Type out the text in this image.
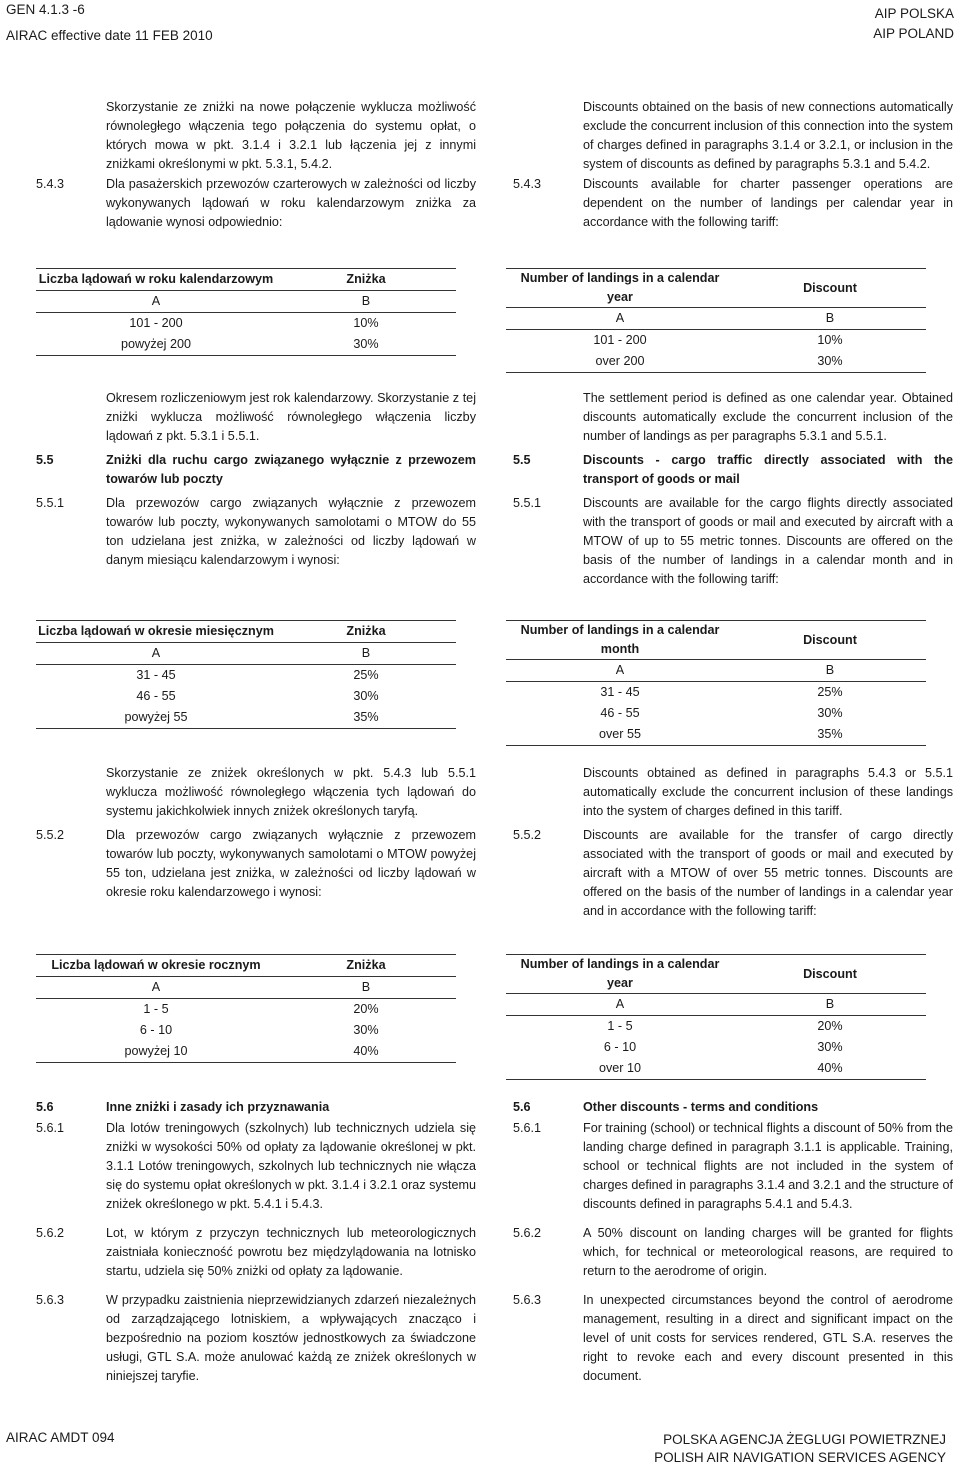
GEN 4.1.3 -6
AIRAC effective date 11 FEB 2010
AIP POLSKA
AIP POLAND
Skorzystanie ze zniżki na nowe połączenie wyklucza możliwość równoległego włączenia tego połączenia do systemu opłat, o których mowa w pkt. 3.1.4 i 3.2.1 lub łączenia jej z innymi zniżkami określonymi w pkt. 5.3.1, 5.4.2.
5.4.3	Dla pasażerskich przewozów czarterowych w zależności od liczby wykonywanych lądowań w roku kalendarzowym zniżka za lądowanie wynosi odpowiednio:
Discounts obtained on the basis of new connections automatically exclude the concurrent inclusion of this connection into the system of charges defined in paragraphs 3.1.4 or 3.2.1, or inclusion in the system of discounts as defined by paragraphs 5.3.1 and 5.4.2.
5.4.3	Discounts available for charter passenger operations are dependent on the number of landings per calendar year in accordance with the following tariff:
Liczba lądowań w roku kalendarzowym	Zniżka
A	B
101 - 200	10%
powyżej 200	30%
Number of landings in a calendar year	Discount
A	B
101 - 200	10%
over 200	30%
Okresem rozliczeniowym jest rok kalendarzowy. Skorzystanie z tej zniżki wyklucza możliwość równoległego włączenia liczby lądowań z pkt. 5.3.1 i 5.5.1.
5.5	Zniżki dla ruchu cargo związanego wyłącznie z przewozem towarów lub poczty
5.5.1	Dla przewozów cargo związanych wyłącznie z przewozem towarów lub poczty, wykonywanych samolotami o MTOW do 55 ton udzielana jest zniżka, w zależności od liczby lądowań w danym miesiącu kalendarzowym i wynosi:
The settlement period is defined as one calendar year. Obtained discounts automatically exclude the concurrent inclusion of the number of landings as per paragraphs 5.3.1 and 5.5.1.
5.5	Discounts - cargo traffic directly associated with the transport of goods or mail
5.5.1	Discounts are available for the cargo flights directly associated with the transport of goods or mail and executed by aircraft with a MTOW of up to 55 metric tonnes. Discounts are offered on the basis of the number of landings in a calendar month and in accordance with the following tariff:
Liczba lądowań w okresie miesięcznym	Zniżka
A	B
31 - 45	25%
46 - 55	30%
powyżej 55	35%
Number of landings in a calendar month	Discount
A	B
31 - 45	25%
46 - 55	30%
over 55	35%
Skorzystanie ze zniżek określonych w pkt. 5.4.3 lub 5.5.1 wyklucza możliwość równoległego włączenia tych lądowań do systemu jakichkolwiek innych zniżek określonych taryfą.
5.5.2	Dla przewozów cargo związanych wyłącznie z przewozem towarów lub poczty, wykonywanych samolotami o MTOW powyżej 55 ton, udzielana jest zniżka, w zależności od liczby lądowań w okresie roku kalendarzowego i wynosi:
Discounts obtained as defined in paragraphs 5.4.3 or 5.5.1 automatically exclude the concurrent inclusion of these landings into the system of charges defined in this tariff.
5.5.2	Discounts are available for the transfer of cargo directly associated with the transport of goods or mail and executed by aircraft with a MTOW of over 55 metric tonnes. Discounts are offered on the basis of the number of landings in a calendar year and in accordance with the following tariff:
Liczba lądowań w okresie rocznym	Zniżka
A	B
1 - 5	20%
6 - 10	30%
powyżej 10	40%
Number of landings in a calendar year	Discount
A	B
1 - 5	20%
6 - 10	30%
over 10	40%
5.6	Inne zniżki i zasady ich przyznawania
5.6.1	Dla lotów treningowych (szkolnych) lub technicznych udziela się zniżki w wysokości 50% od opłaty za lądowanie określonej w pkt. 3.1.1 Lotów treningowych, szkolnych lub technicznych nie włącza się do systemu opłat określonych w pkt. 3.1.4 i 3.2.1 oraz systemu zniżek określonego w pkt. 5.4.1 i 5.4.3.
5.6.2	Lot, w którym z przyczyn technicznych lub meteorologicznych zaistniała konieczność powrotu bez międzylądowania na lotnisko startu, udziela się 50% zniżki od opłaty za lądowanie.
5.6.3	W przypadku zaistnienia nieprzewidzianych zdarzeń niezależnych od zarządzającego lotniskiem, a wpływających znacząco i bezpośrednio na poziom kosztów jednostkowych za świadczone usługi, GTL S.A. może anulować każdą ze zniżek określonych w niniejszej taryfie.
5.6	Other discounts - terms and conditions
5.6.1	For training (school) or technical flights a discount of 50% from the landing charge defined in paragraph 3.1.1 is applicable. Training, school or technical flights are not included in the system of charges defined in paragraphs 3.1.4 and 3.2.1 and the structure of discounts defined in paragraphs 5.4.1 and 5.4.3.
5.6.2	A 50% discount on landing charges will be granted for flights which, for technical or meteorological reasons, are required to return to the aerodrome of origin.
5.6.3	In unexpected circumstances beyond the control of aerodrome management, resulting in a direct and significant impact on the level of unit costs for services rendered, GTL S.A. reserves the right to revoke each and every discount presented in this document.
AIRAC AMDT 094	POLSKA AGENCJA ŻEGLUGI POWIETRZNEJ
POLISH AIR NAVIGATION SERVICES AGENCY
